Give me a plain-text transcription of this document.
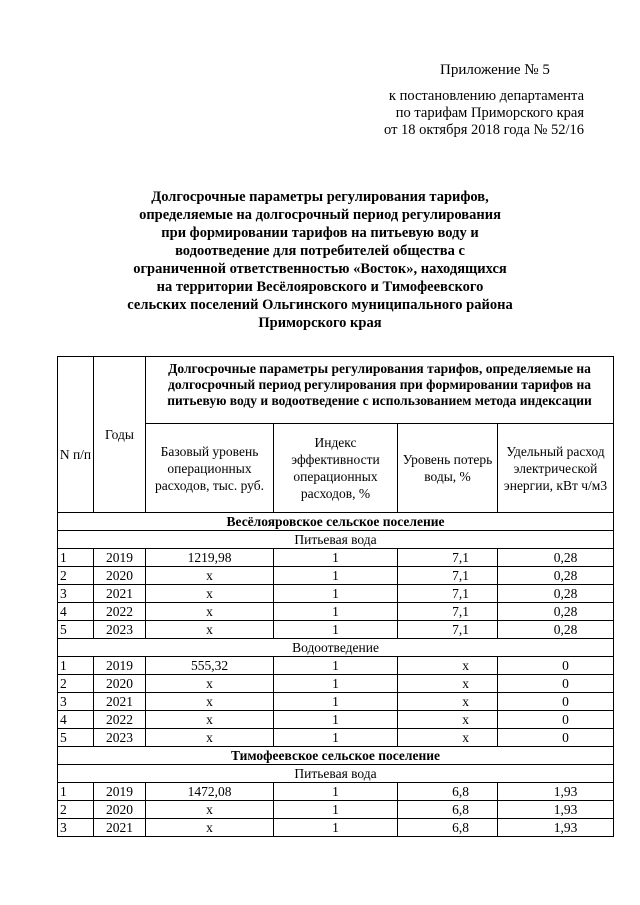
Приложение № 5
к постановлению департамента
по тарифам Приморского края
от 18 октября 2018 года № 52/16
Долгосрочные параметры регулирования тарифов,
определяемые на долгосрочный период регулирования
при формировании тарифов на питьевую воду и
водоотведение для потребителей общества с
ограниченной ответственностью «Восток», находящихся
на территории Весёлояровского и Тимофеевского
сельских поселений Ольгинского муниципального района
Приморского края
N п/п	Годы	Долгосрочные параметры регулирования тарифов, определяемые на долгосрочный период регулирования при формировании тарифов на питьевую воду и водоотведение с использованием метода индексации			
		Базовый уровень операционных расходов, тыс. руб.	Индекс эффективности операционных расходов, %	Уровень потерь воды, %	Удельный расход электрической энергии, кВт ч/м3
Весёлояровское сельское поселение					
Питьевая вода					
1	2019	1219,98	1	7,1	0,28
2	2020	х	1	7,1	0,28
3	2021	х	1	7,1	0,28
4	2022	х	1	7,1	0,28
5	2023	х	1	7,1	0,28
Водоотведение					
1	2019	555,32	1	х	0
2	2020	х	1	х	0
3	2021	х	1	х	0
4	2022	х	1	х	0
5	2023	х	1	х	0
Тимофеевское сельское поселение					
Питьевая вода					
1	2019	1472,08	1	6,8	1,93
2	2020	х	1	6,8	1,93
3	2021	х	1	6,8	1,93
